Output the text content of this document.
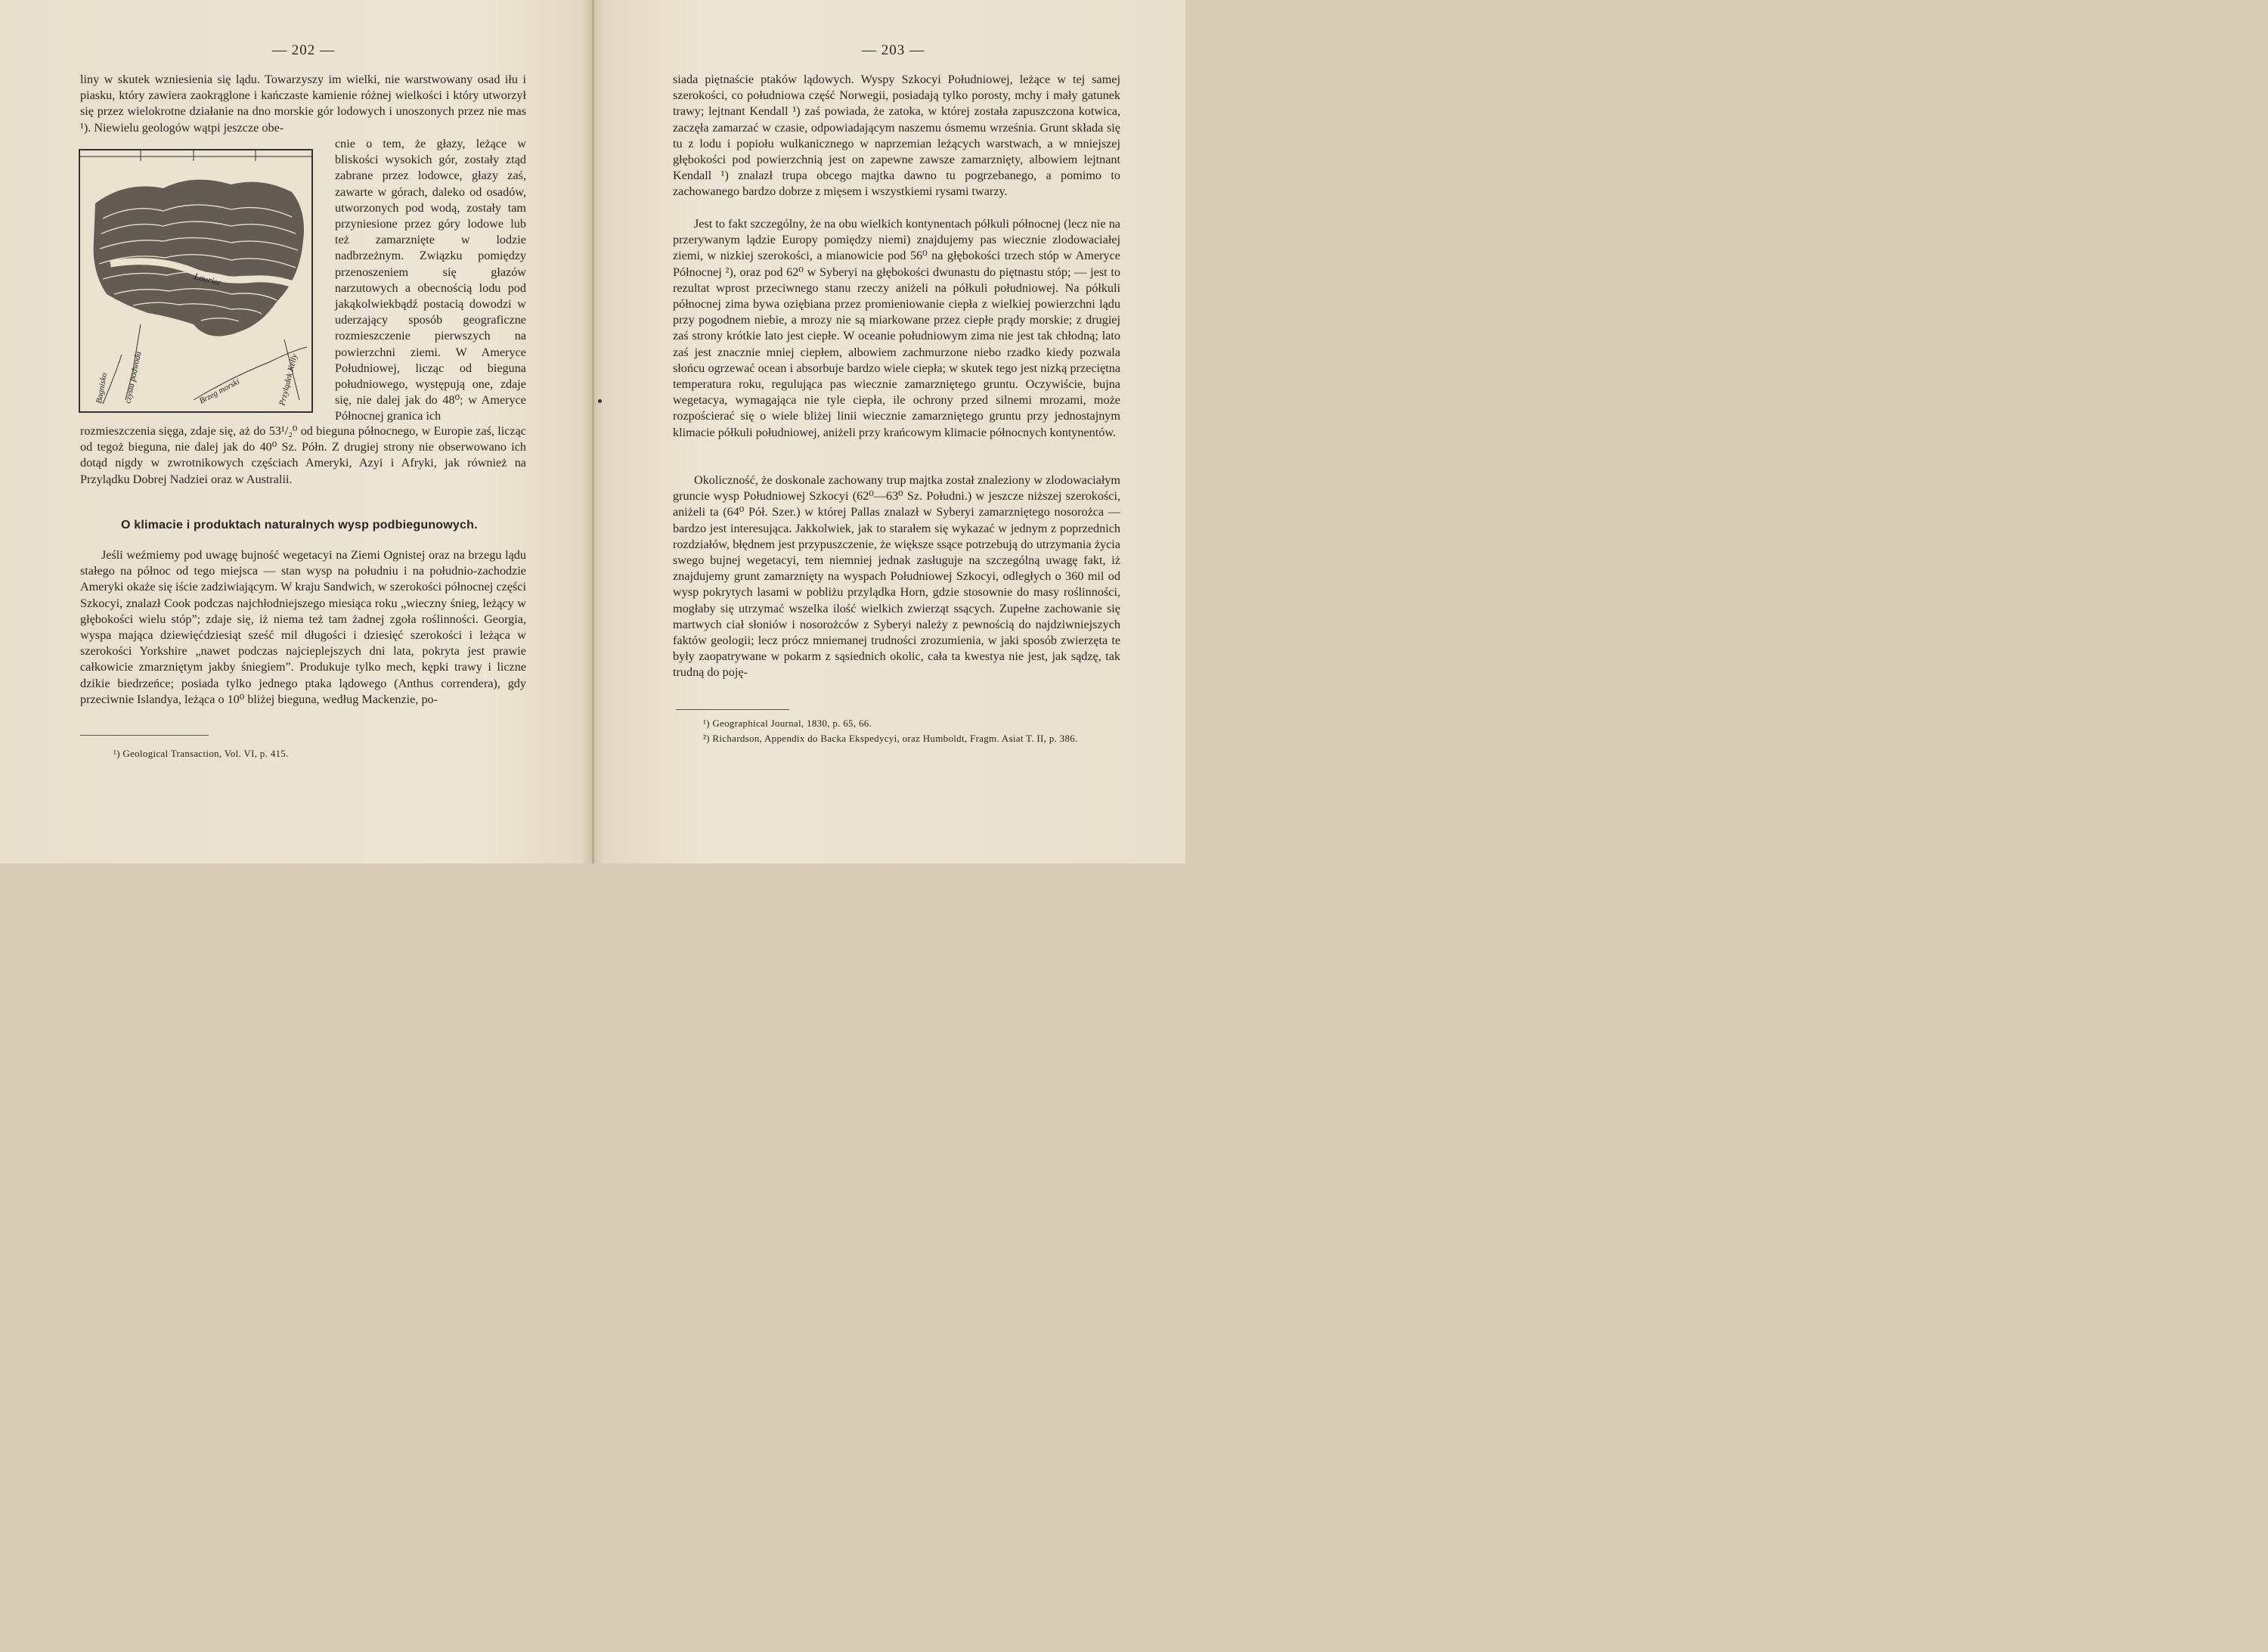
— 202 —

liny w skutek wzniesienia się lądu. Towarzyszy im wielki, nie warstwowany osad iłu i piasku, który zawiera zaokrąglone i kańczaste kamienie różnej wielkości i który utworzył się przez wielokrotne działanie na dno morskie gór lodowych i unoszonych przez nie mas ¹). Niewielu geologów wątpi jeszcze obe-

cnie o tem, że głazy, leżące w bliskości wysokich gór, zostały ztąd zabrane przez lodowce, głazy zaś, zawarte w górach, daleko od osadów, utworzonych pod wodą, zostały tam przyniesione przez góry lodowe lub też zamarznięte w lodzie nadbrzeżnym. Związku pomiędzy przenoszeniem się głazów narzutowych a obecnością lodu pod jakąkolwiekbądź postacią dowodzi w uderzający sposób geograficzne rozmieszczenie pierwszych na powierzchni ziemi. W Ameryce Południowej, licząc od bieguna południowego, występują one, zdaje się, nie dalej jak do 48⁰; w Ameryce Północnej granica ich

Laurier
Bagnisko czysta podwoda	Brzeg morski	Przylądek Kelly

rozmieszczenia sięga, zdaje się, aż do 53¹/₂⁰ od bieguna północnego, w Europie zaś, licząc od tegoż bieguna, nie dalej jak do 40⁰ Sz. Półn. Z drugiej strony nie obserwowano ich dotąd nigdy w zwrotnikowych częściach Ameryki, Azyi i Afryki, jak również na Przylądku Dobrej Nadziei oraz w Australii.

O klimacie i produktach naturalnych wysp podbiegunowych.

Jeśli weźmiemy pod uwagę bujność wegetacyi na Ziemi Ognistej oraz na brzegu lądu stałego na północ od tego miejsca — stan wysp na południu i na południo-zachodzie Ameryki okaże się iście zadziwiającym. W kraju Sandwich, w szerokości północnej części Szkocyi, znalazł Cook podczas najchłodniejszego miesiąca roku „wieczny śnieg, leżący w głębokości wielu stóp”; zdaje się, iż niema też tam żadnej zgoła roślinności. Georgia, wyspa mająca dziewięćdziesiąt sześć mil długości i dziesięć szerokości i leżąca w szerokości Yorkshire „nawet podczas najcieplejszych dni lata, pokryta jest prawie całkowicie zmarzniętym jakby śniegiem”. Produkuje tylko mech, kępki trawy i liczne dzikie biedrzeńce; posiada tylko jednego ptaka lądowego (Anthus correndera), gdy przeciwnie Islandya, leżąca o 10⁰ bliżej bieguna, według Mackenzie, po-

¹) Geological Transaction, Vol. VI, p. 415.
— 203 —

siada piętnaście ptaków lądowych. Wyspy Szkocyi Południowej, leżące w tej samej szerokości, co południowa część Norwegii, posiadają tylko porosty, mchy i mały gatunek trawy; lejtnant Kendall ¹) zaś powiada, że zatoka, w której została zapuszczona kotwica, zaczęła zamarzać w czasie, odpowiadającym naszemu ósmemu września. Grunt składa się tu z lodu i popiołu wulkanicznego w naprzemian leżących warstwach, a w mniejszej głębokości pod powierzchnią jest on zapewne zawsze zamarznięty, albowiem lejtnant Kendall ¹) znalazł trupa obcego majtka dawno tu pogrzebanego, a pomimo to zachowanego bardzo dobrze z mięsem i wszystkiemi rysami twarzy.

Jest to fakt szczególny, że na obu wielkich kontynentach półkuli północnej (lecz nie na przerywanym lądzie Europy pomiędzy niemi) znajdujemy pas wiecznie zlodowaciałej ziemi, w nizkiej szerokości, a mianowicie pod 56⁰ na głębokości trzech stóp w Ameryce Północnej ²), oraz pod 62⁰ w Syberyi na głębokości dwunastu do piętnastu stóp; — jest to rezultat wprost przeciwnego stanu rzeczy aniżeli na półkuli południowej. Na półkuli północnej zima bywa oziębiana przez promieniowanie ciepła z wielkiej powierzchni lądu przy pogodnem niebie, a mrozy nie są miarkowane przez ciepłe prądy morskie; z drugiej zaś strony krótkie lato jest ciepłe. W oceanie południowym zima nie jest tak chłodną; lato zaś jest znacznie mniej ciepłem, albowiem zachmurzone niebo rzadko kiedy pozwala słońcu ogrzewać ocean i absorbuje bardzo wiele ciepła; w skutek tego jest nizką przeciętna temperatura roku, regulująca pas wiecznie zamarzniętego gruntu. Oczywiście, bujna wegetacya, wymagająca nie tyle ciepła, ile ochrony przed silnemi mrozami, może rozpościerać się o wiele bliżej linii wiecznie zamarzniętego gruntu przy jednostajnym klimacie półkuli południowej, aniżeli przy krańcowym klimacie północnych kontynentów.

Okoliczność, że doskonale zachowany trup majtka został znaleziony w zlodowaciałym gruncie wysp Południowej Szkocyi (62⁰—63⁰ Sz. Południ.) w jeszcze niższej szerokości, aniżeli ta (64⁰ Pół. Szer.) w której Pallas znalazł w Syberyi zamarzniętego nosorożca — bardzo jest interesująca. Jakkolwiek, jak to starałem się wykazać w jednym z poprzednich rozdziałów, błędnem jest przypuszczenie, że większe ssące potrzebują do utrzymania życia swego bujnej wegetacyi, tem niemniej jednak zasługuje na szczególną uwagę fakt, iż znajdujemy grunt zamarznięty na wyspach Południowej Szkocyi, odległych o 360 mil od wysp pokrytych lasami w pobliżu przylądka Horn, gdzie stosownie do masy roślinności, mogłaby się utrzymać wszelka ilość wielkich zwierząt ssących. Zupełne zachowanie się martwych ciał słoniów i nosorożców z Syberyi należy z pewnością do najdziwniejszych faktów geologii; lecz prócz mniemanej trudności zrozumienia, w jaki sposób zwierzęta te były zaopatrywane w pokarm z sąsiednich okolic, cała ta kwestya nie jest, jak sądzę, tak trudną do poję-

¹) Geographical Journal, 1830, p. 65, 66.
²) Richardson, Appendix do Backa Ekspedycyi, oraz Humboldt, Fragm. Asiat T. II, p. 386.
